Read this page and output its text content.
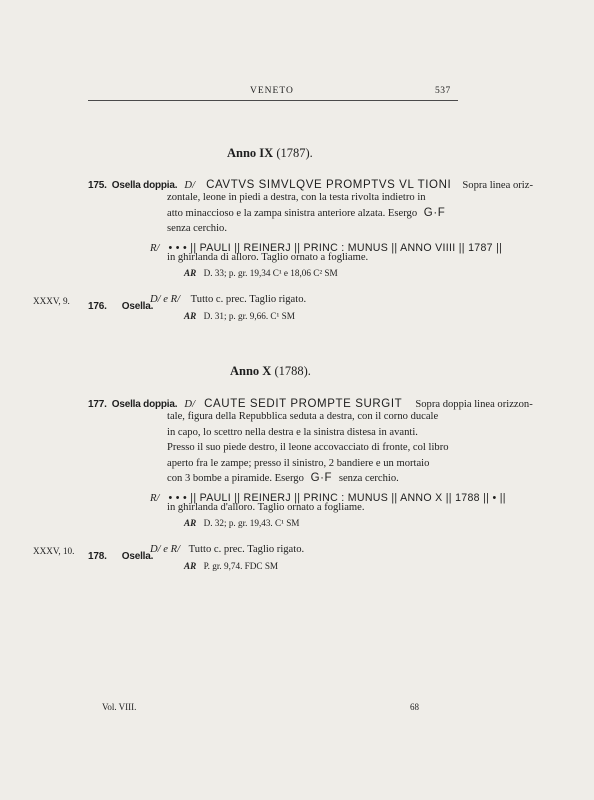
VENETO	537
Anno IX (1787).
175. Osella doppia. D/ CAVTVS SIMVLQVE PROMPTVS VL TIONI Sopra linea oriz-
zontale, leone in piedi a destra, con la testa rivolta indietro in
atto minaccioso e la zampa sinistra anteriore alzata. Esergo G·F
senza cerchio.
R/ • • • || PAULI || REINERJ || PRINC : MUNUS || ANNO VIIII || 1787 ||
in ghirlanda di alloro. Taglio ornato a fogliame.
AR D. 33; p. gr. 19,34 C¹ e 18,06 C² SM
XXXV, 9. 176. Osella.
D/ e R/ Tutto c. prec. Taglio rigato.
AR D. 31; p. gr. 9,66. C¹ SM
Anno X (1788).
177. Osella doppia. D/ CAUTE SEDIT PROMPTE SURGIT Sopra doppia linea orizzon-
tale, figura della Repubblica seduta a destra, con il corno ducale
in capo, lo scettro nella destra e la sinistra distesa in avanti.
Presso il suo piede destro, il leone accovacciato di fronte, col libro
aperto fra le zampe; presso il sinistro, 2 bandiere e un mortaio
con 3 bombe a piramide. Esergo G·F senza cerchio.
R/ • • • || PAULI || REINERJ || PRINC : MUNUS || ANNO X || 1788 || • ||
in ghirlanda d'alloro. Taglio ornato a fogliame.
AR D. 32; p. gr. 19,43. C¹ SM
XXXV, 10. 178. Osella.
D/ e R/ Tutto c. prec. Taglio rigato.
AR P. gr. 9,74. FDC SM
Vol. VIII.	68
